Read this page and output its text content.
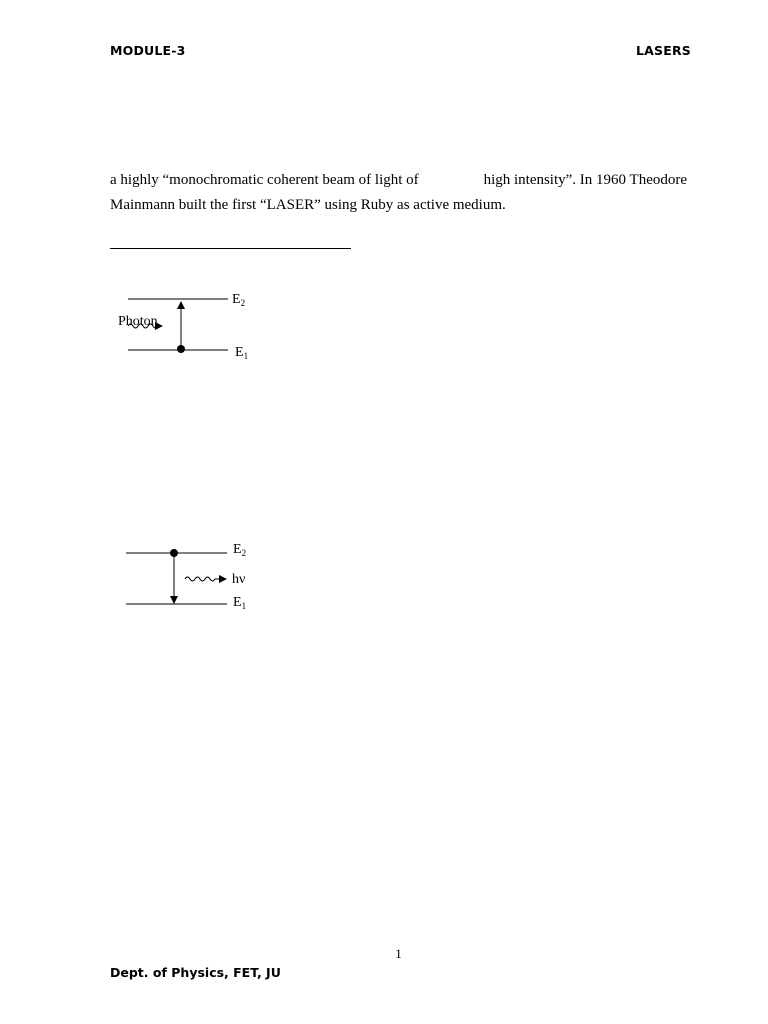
MODULE-3	LASERS
a highly “monochromatic coherent beam of light of	high intensity”. In 1960 Theodore
Mainmann built the first “LASER” using Ruby as active medium.
Photon
$E_2$
$E_1$
hν
$E_2$
$E_1$
1
Dept. of Physics, FET, JU
